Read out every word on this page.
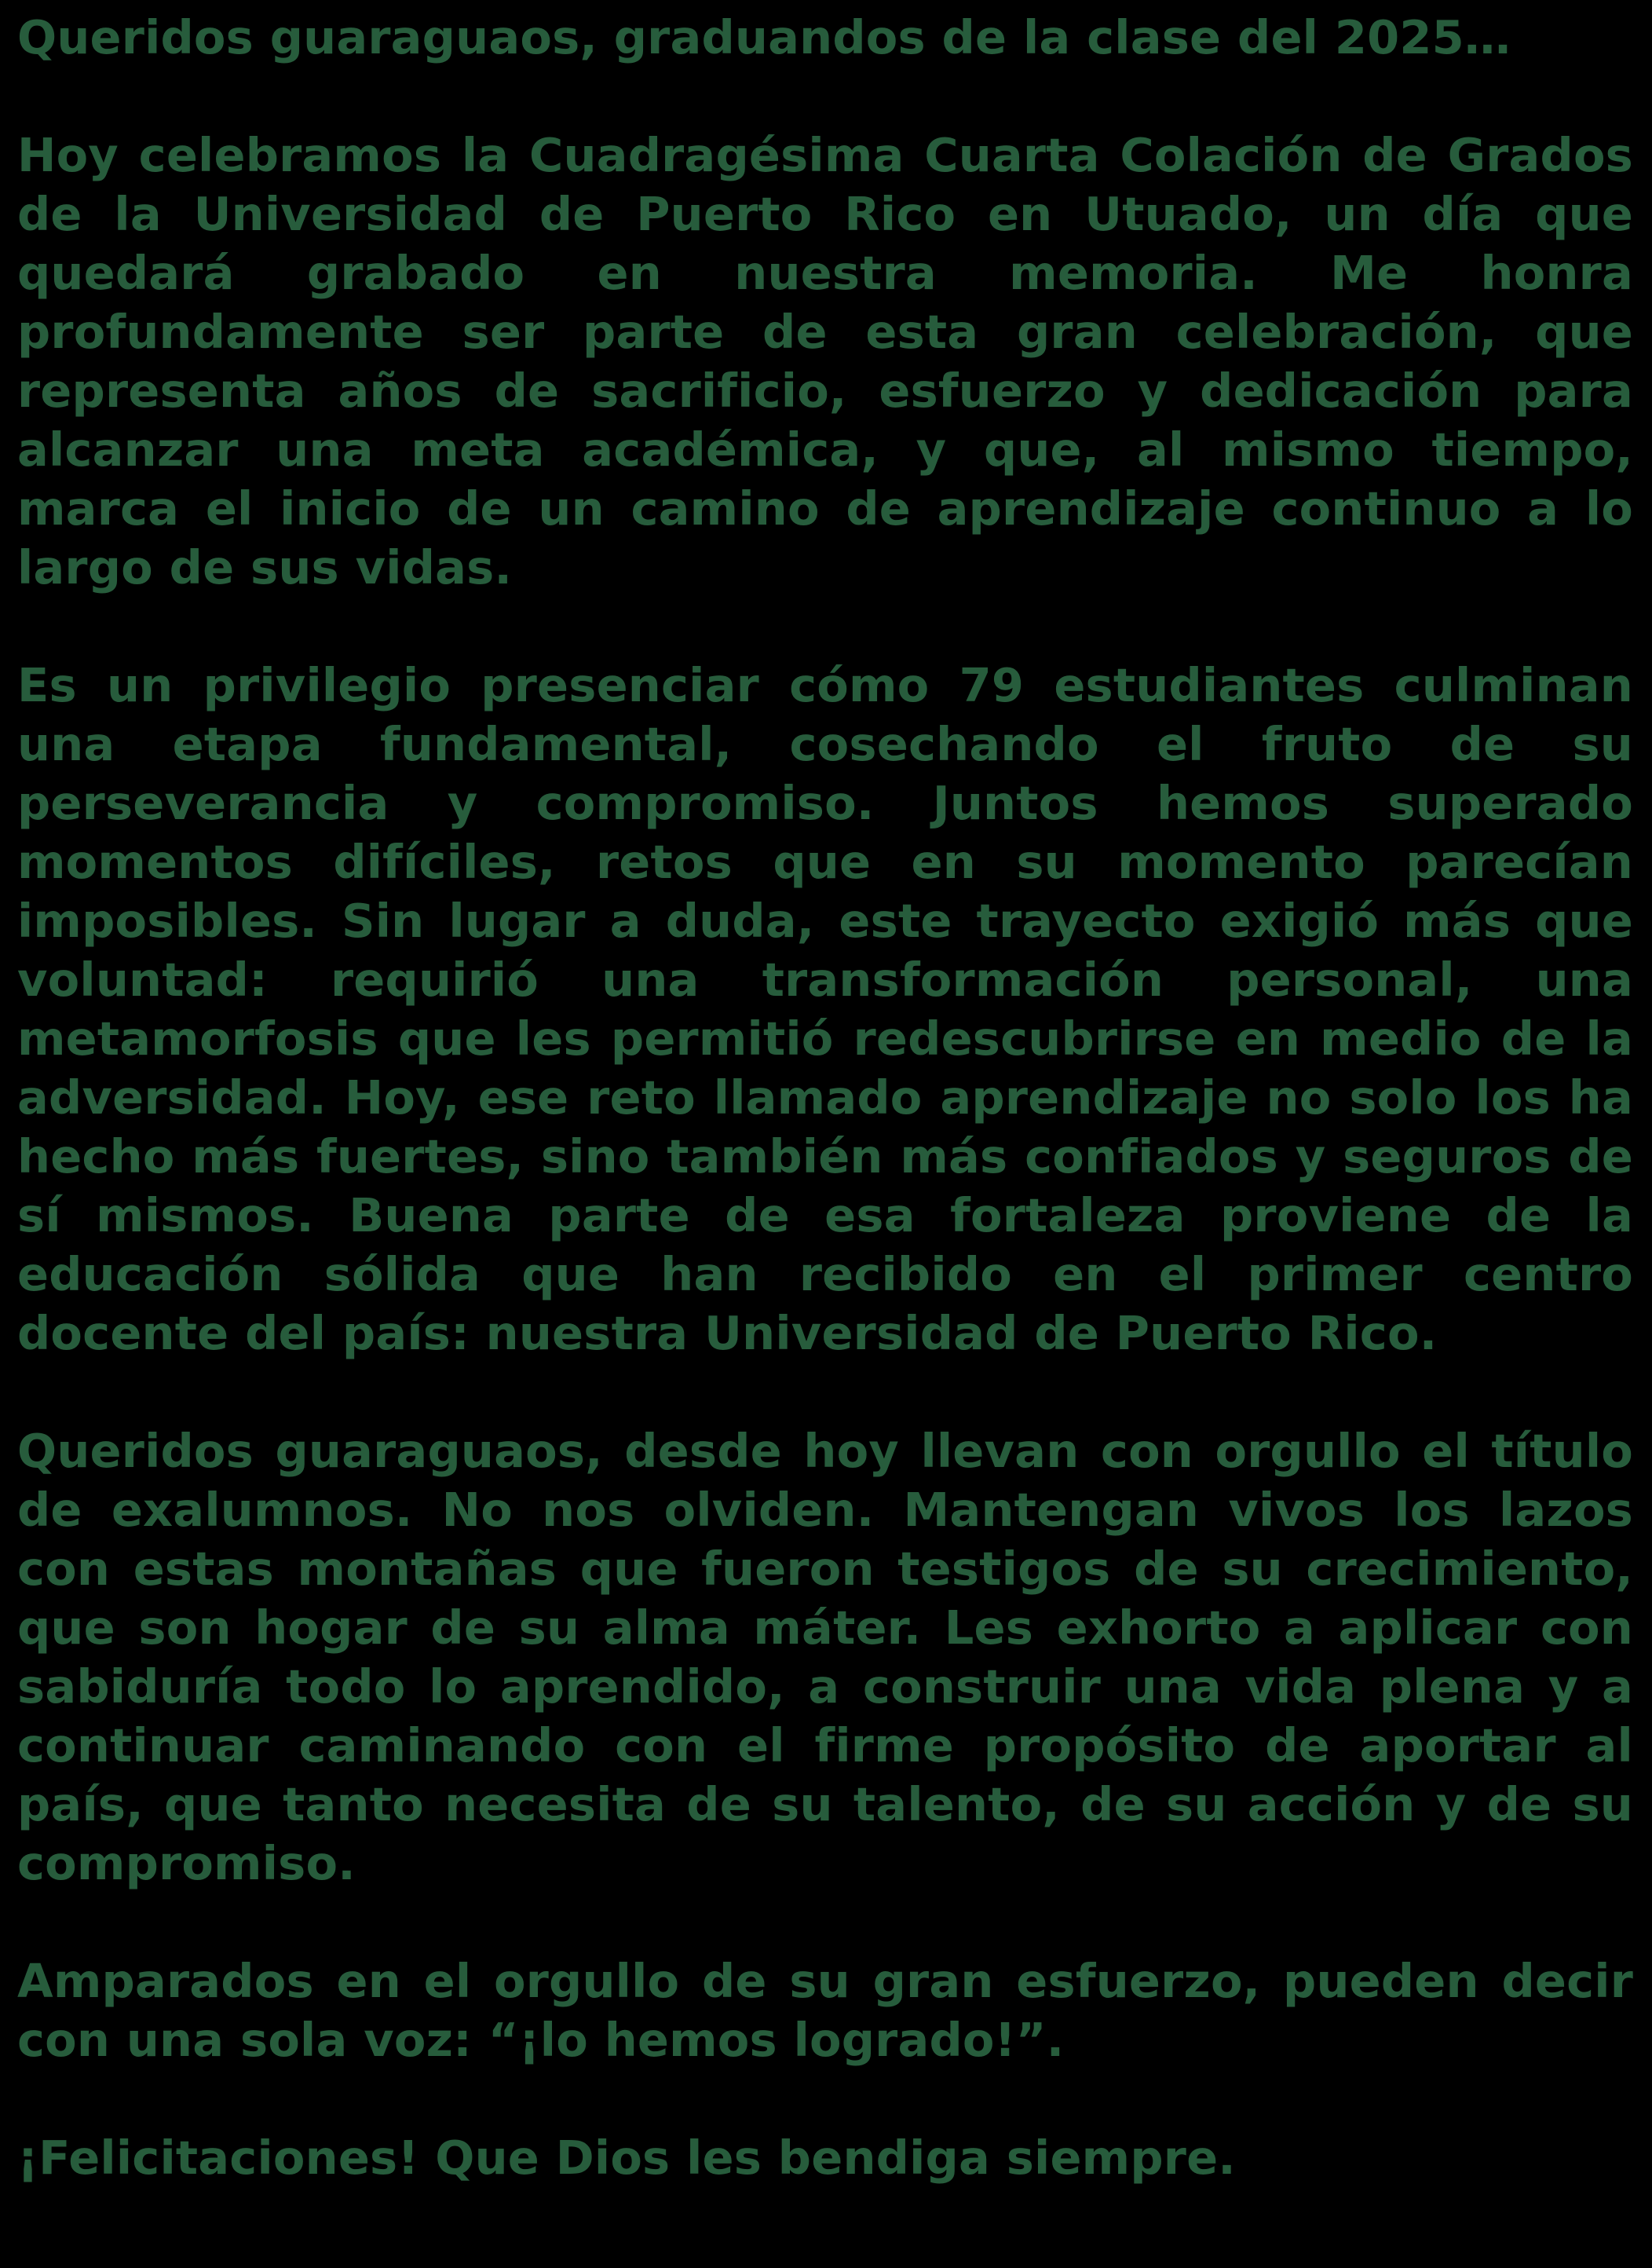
Queridos guaraguaos, graduandos de la clase del 2025…

Hoy celebramos la Cuadragésima Cuarta Colación de Grados de la Universidad de Puerto Rico en Utuado, un día que quedará grabado en nuestra memoria. Me honra profundamente ser parte de esta gran celebración, que representa años de sacrificio, esfuerzo y dedicación para alcanzar una meta académica, y que, al mismo tiempo, marca el inicio de un camino de aprendizaje continuo a lo largo de sus vidas.

Es un privilegio presenciar cómo 79 estudiantes culminan una etapa fundamental, cosechando el fruto de su perseverancia y compromiso. Juntos hemos superado momentos difíciles, retos que en su momento parecían imposibles. Sin lugar a duda, este trayecto exigió más que voluntad: requirió una transformación personal, una metamorfosis que les permitió redescubrirse en medio de la adversidad. Hoy, ese reto llamado aprendizaje no solo los ha hecho más fuertes, sino también más confiados y seguros de sí mismos. Buena parte de esa fortaleza proviene de la educación sólida que han recibido en el primer centro docente del país: nuestra Universidad de Puerto Rico.

Queridos guaraguaos, desde hoy llevan con orgullo el título de exalumnos. No nos olviden. Mantengan vivos los lazos con estas montañas que fueron testigos de su crecimiento, que son hogar de su alma máter. Les exhorto a aplicar con sabiduría todo lo aprendido, a construir una vida plena y a continuar caminando con el firme propósito de aportar al país, que tanto necesita de su talento, de su acción y de su compromiso.

Amparados en el orgullo de su gran esfuerzo, pueden decir con una sola voz: “¡lo hemos logrado!”.

¡Felicitaciones! Que Dios les bendiga siempre.
